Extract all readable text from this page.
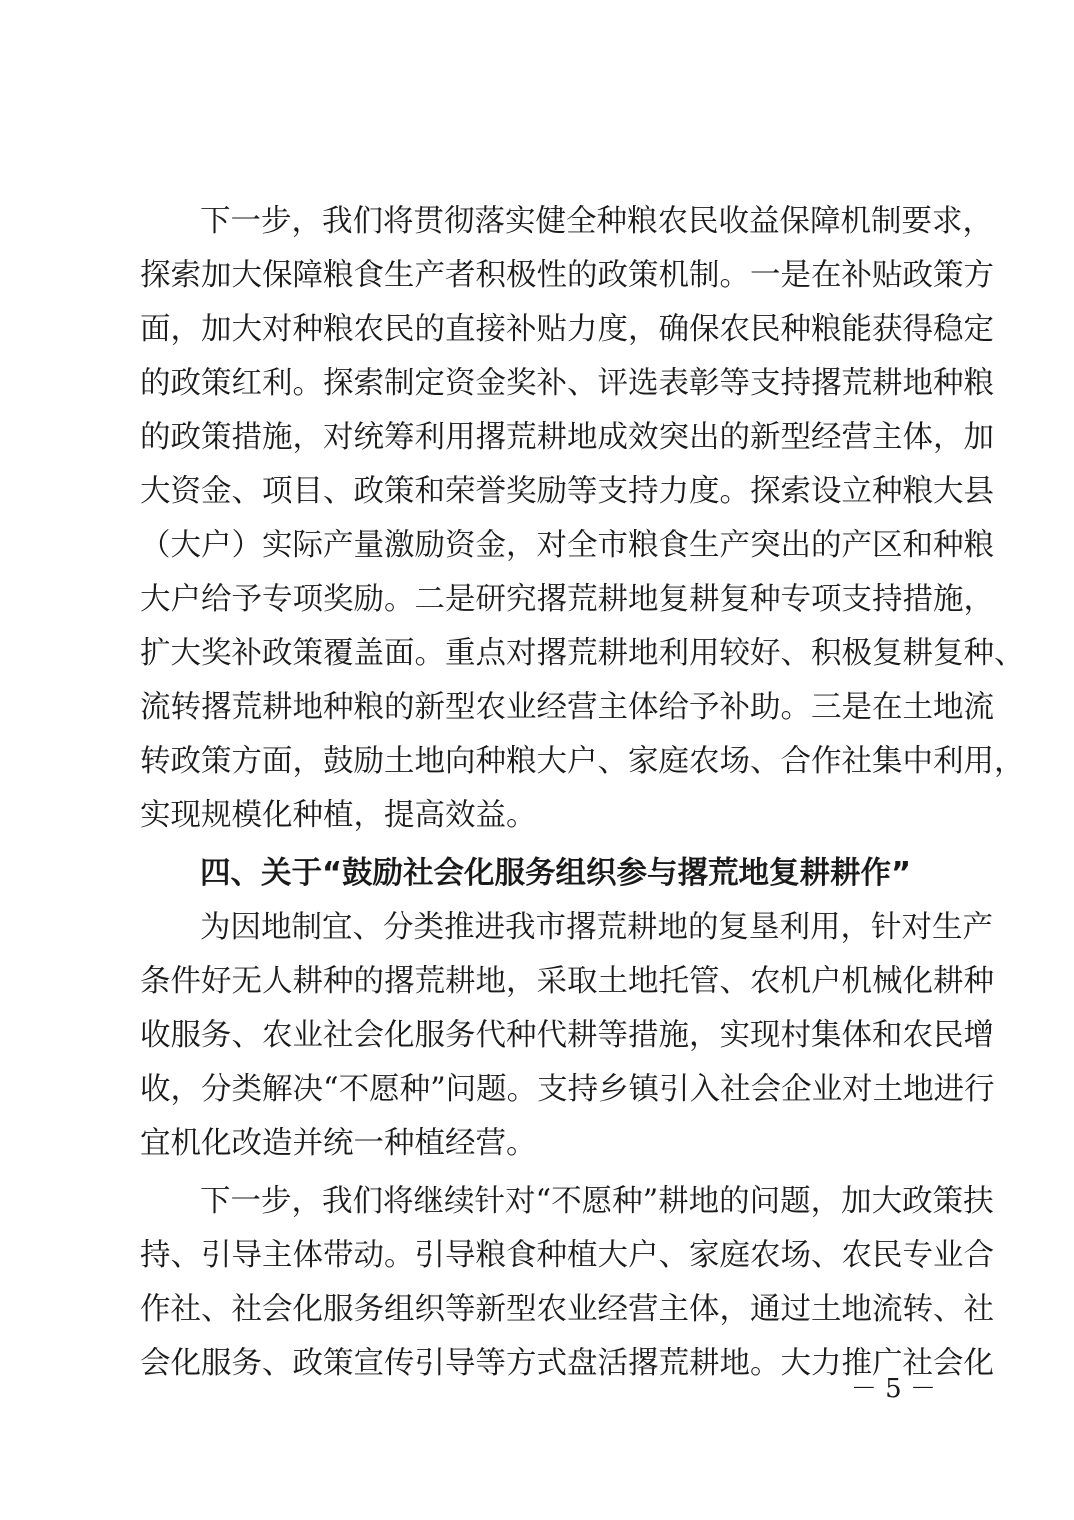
下一步，我们将贯彻落实健全种粮农民收益保障机制要求，
探索加大保障粮食生产者积极性的政策机制。一是在补贴政策方
面，加大对种粮农民的直接补贴力度，确保农民种粮能获得稳定
的政策红利。探索制定资金奖补、评选表彰等支持撂荒耕地种粮
的政策措施，对统筹利用撂荒耕地成效突出的新型经营主体，加
大资金、项目、政策和荣誉奖励等支持力度。探索设立种粮大县
（大户）实际产量激励资金，对全市粮食生产突出的产区和种粮
大户给予专项奖励。二是研究撂荒耕地复耕复种专项支持措施，
扩大奖补政策覆盖面。重点对撂荒耕地利用较好、积极复耕复种、
流转撂荒耕地种粮的新型农业经营主体给予补助。三是在土地流
转政策方面，鼓励土地向种粮大户、家庭农场、合作社集中利用，
实现规模化种植，提高效益。
四、关于“鼓励社会化服务组织参与撂荒地复耕耕作”
为因地制宜、分类推进我市撂荒耕地的复垦利用，针对生产
条件好无人耕种的撂荒耕地，采取土地托管、农机户机械化耕种
收服务、农业社会化服务代种代耕等措施，实现村集体和农民增
收，分类解决“不愿种”问题。支持乡镇引入社会企业对土地进行
宜机化改造并统一种植经营。
下一步，我们将继续针对“不愿种”耕地的问题，加大政策扶
持、引导主体带动。引导粮食种植大户、家庭农场、农民专业合
作社、社会化服务组织等新型农业经营主体，通过土地流转、社
会化服务、政策宣传引导等方式盘活撂荒耕地。大力推广社会化
－ 5 －
